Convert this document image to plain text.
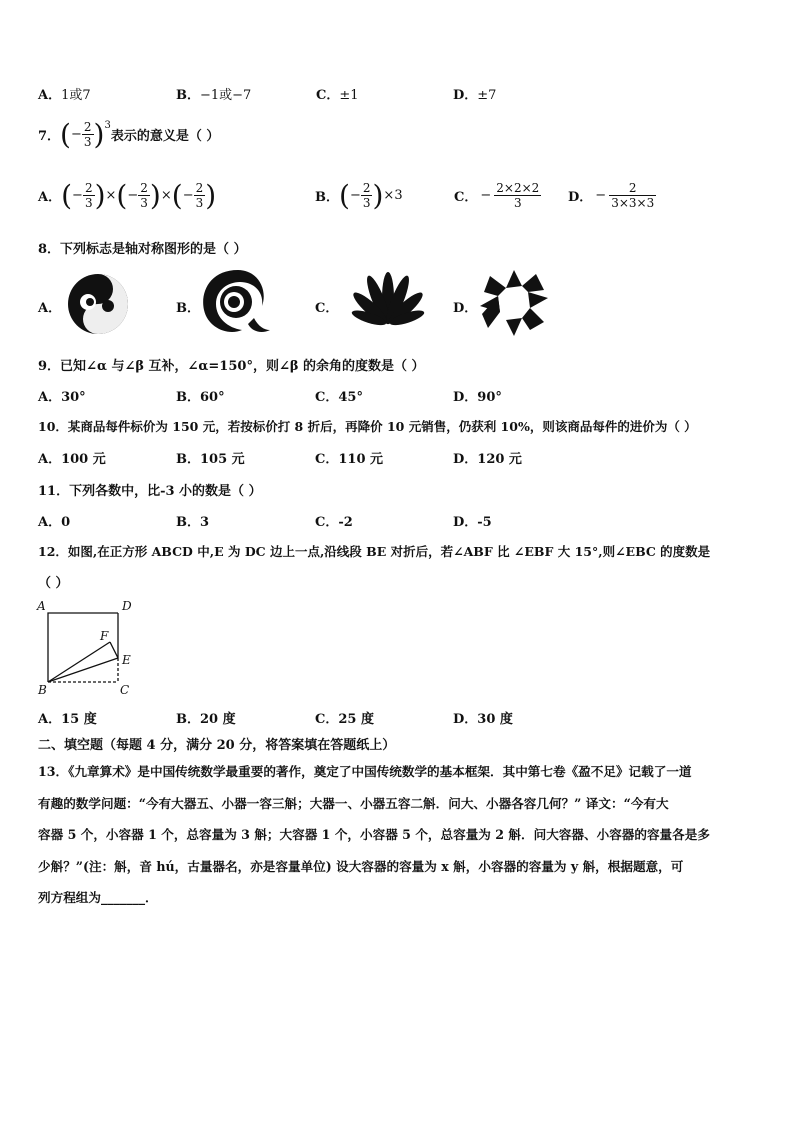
A．1或7	B．−1或−7	C．±1	D．±7
7． ( − $\frac{2}{3} )^3$
表示的意义是（ ）
A． ( − $\frac{2}{3}$ ) × ( − $\frac{2}{3}$ ) × ( − $\frac{2}{3}$ )	B． ( − $\frac{2}{3}$ ) ×3	C． − $\frac{2\times 2\times 2}{3}$ D． − $\frac{2}{3\times 3\times 3}$
8．下列标志是轴对称图形的是（ ）
A．	B．	C．	D．
9．已知∠α 与∠β 互补，∠α=150°，则∠β 的余角的度数是（ ）
A．30°	B．60°	C．45°	D．90°
10．某商品每件标价为 150 元，若按标价打 8 折后，再降价 10 元销售，仍获利 10%，则该商品每件的进价为（ ）
A．100 元	B．105 元	C．110 元	D．120 元
11．下列各数中，比-3 小的数是（ ）
A．0	B．3	C．-2	D．-5
12．如图,在正方形 ABCD 中,E 为 DC 边上一点,沿线段 BE 对折后，若∠ABF 比 ∠EBF 大 15°,则∠EBC 的度数是
（ ）
A	D
F
E
B	C
A．15 度	B．20 度	C．25 度	D．30 度
二、填空题（每题 4 分，满分 20 分，将答案填在答题纸上）
13．《九章算术》是中国传统数学最重要的著作，奠定了中国传统数学的基本框架．其中第七卷《盈不足》记载了一道
有趣的数学问题：“今有大器五、小器一容三斛；大器一、小器五容二斛．问大、小器各容几何？” 译文：“今有大
容器 5 个，小容器 1 个，总容量为 3 斛；大容器 1 个，小容器 5 个，总容量为 2 斛．问大容器、小容器的容量各是多
少斛？”(注：斛，音 hú，古量器名，亦是容量单位) 设大容器的容量为 x 斛，小容器的容量为 y 斛，根据题意，可
列方程组为_______．
